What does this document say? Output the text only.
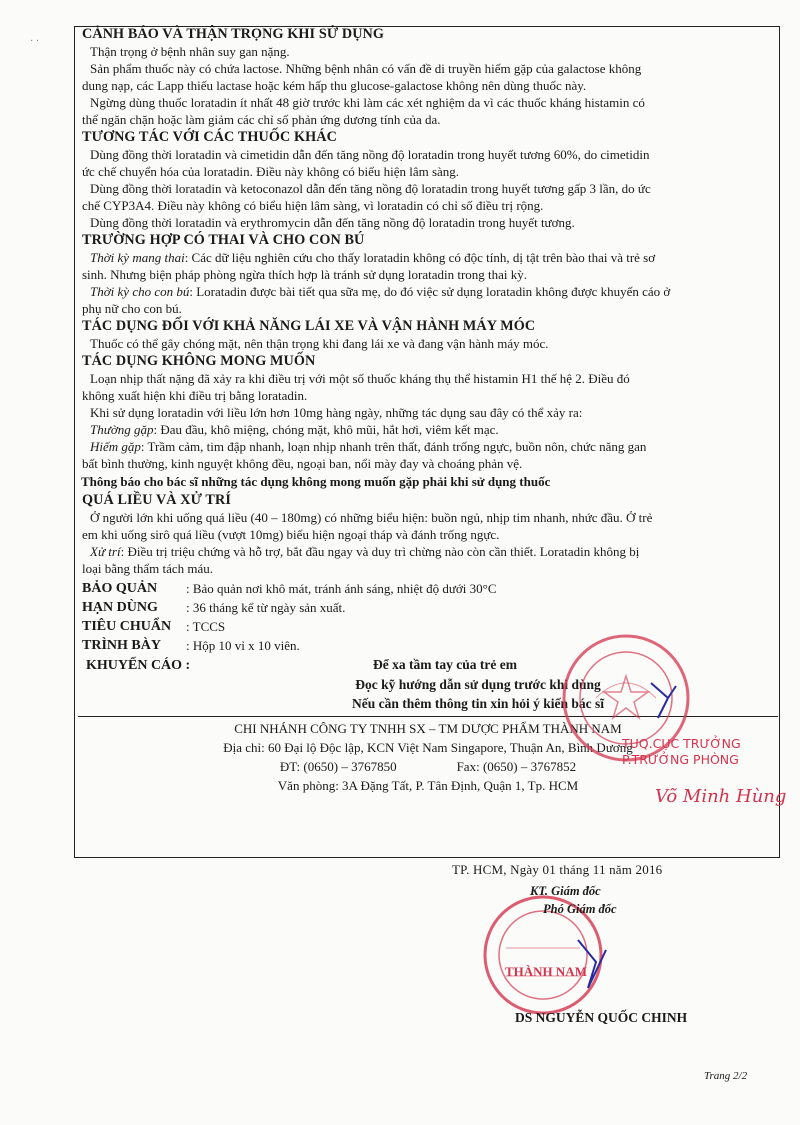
· ·	CẢNH BÁO VÀ THẬN TRỌNG KHI SỬ DỤNG

Thận trọng ở bệnh nhân suy gan nặng.

Sản phẩm thuốc này có chứa lactose. Những bệnh nhân có vấn đề di truyền hiếm gặp của galactose không

dung nạp, các Lapp thiếu lactase hoặc kém hấp thu glucose-galactose không nên dùng thuốc này.

Ngừng dùng thuốc loratadin ít nhất 48 giờ trước khi làm các xét nghiệm da vì các thuốc kháng histamin có

thể ngăn chặn hoặc làm giảm các chỉ số phản ứng dương tính của da.

TƯƠNG TÁC VỚI CÁC THUỐC KHÁC

Dùng đồng thời loratadin và cimetidin dẫn đến tăng nồng độ loratadin trong huyết tương 60%, do cimetidin

ức chế chuyển hóa của loratadin. Điều này không có biểu hiện lâm sàng.

Dùng đồng thời loratadin và ketoconazol dẫn đến tăng nồng độ loratadin trong huyết tương gấp 3 lần, do ức

chế CYP3A4. Điều này không có biểu hiện lâm sàng, vì loratadin có chỉ số điều trị rộng.

Dùng đồng thời loratadin và erythromycin dẫn đến tăng nồng độ loratadin trong huyết tương.

TRƯỜNG HỢP CÓ THAI VÀ CHO CON BÚ

Thời kỳ mang thai: Các dữ liệu nghiên cứu cho thấy loratadin không có độc tính, dị tật trên bào thai và trẻ sơ

sinh. Nhưng biện pháp phòng ngừa thích hợp là tránh sử dụng loratadin trong thai kỳ.

Thời kỳ cho con bú: Loratadin được bài tiết qua sữa mẹ, do đó việc sử dụng loratadin không được khuyến cáo ở

phụ nữ cho con bú.

TÁC DỤNG ĐỐI VỚI KHẢ NĂNG LÁI XE VÀ VẬN HÀNH MÁY MÓC

Thuốc có thể gây chóng mặt, nên thận trọng khi đang lái xe và đang vận hành máy móc.

TÁC DỤNG KHÔNG MONG MUỐN

Loạn nhịp thất nặng đã xảy ra khi điều trị với một số thuốc kháng thụ thể histamin H1 thế hệ 2. Điều đó

không xuất hiện khi điều trị bằng loratadin.

Khi sử dụng loratadin với liều lớn hơn 10mg hàng ngày, những tác dụng sau đây có thể xảy ra:

Thường gặp: Đau đầu, khô miệng, chóng mặt, khô mũi, hắt hơi, viêm kết mạc.

Hiếm gặp: Trầm cảm, tim đập nhanh, loạn nhịp nhanh trên thất, đánh trống ngực, buồn nôn, chức năng gan

bất bình thường, kinh nguyệt không đều, ngoại ban, nổi mày đay và choáng phản vệ.

Thông báo cho bác sĩ những tác dụng không mong muốn gặp phải khi sử dụng thuốc
QUÁ LIỀU VÀ XỬ TRÍ

Ở người lớn khi uống quá liều (40 – 180mg) có những biểu hiện: buồn ngủ, nhịp tim nhanh, nhức đầu. Ở trẻ

em khi uống sirô quá liều (vượt 10mg) biểu hiện ngoại tháp và đánh trống ngực.

Xử trí: Điều trị triệu chứng và hỗ trợ, bắt đầu ngay và duy trì chừng nào còn cần thiết. Loratadin không bị

loại bằng thẩm tách máu.

BẢO QUẢN	: Bảo quản nơi khô mát, tránh ánh sáng, nhiệt độ dưới 30°C
HẠN DÙNG	: 36 tháng kể từ ngày sản xuất.
TIÊU CHUẨN	: TCCS
TRÌNH BÀY	: Hộp 10 vỉ x 10 viên.
KHUYẾN CÁO :	Để xa tầm tay của trẻ em
Đọc kỹ hướng dẫn sử dụng trước khi dùng
Nếu cần thêm thông tin xin hỏi ý kiến bác sĩ
CHI NHÁNH CÔNG TY TNHH SX – TM DƯỢC PHẨM THÀNH NAM
Địa chỉ: 60 Đại lộ Độc lập, KCN Việt Nam Singapore, Thuận An, Bình Dương
ĐT: (0650) – 3767850	Fax: (0650) – 3767852
Văn phòng: 3A Đặng Tất, P. Tân Định, Quận 1, Tp. HCM
TUQ.CỤC TRƯỞNG
P.TRƯỞNG PHÒNG
Võ Minh Hùng
THÀNH NAM
TP. HCM, Ngày 01 tháng 11 năm 2016
KT. Giám đốc
Phó Giám đốc
DS NGUYỄN QUỐC CHINH
Trang 2/2
